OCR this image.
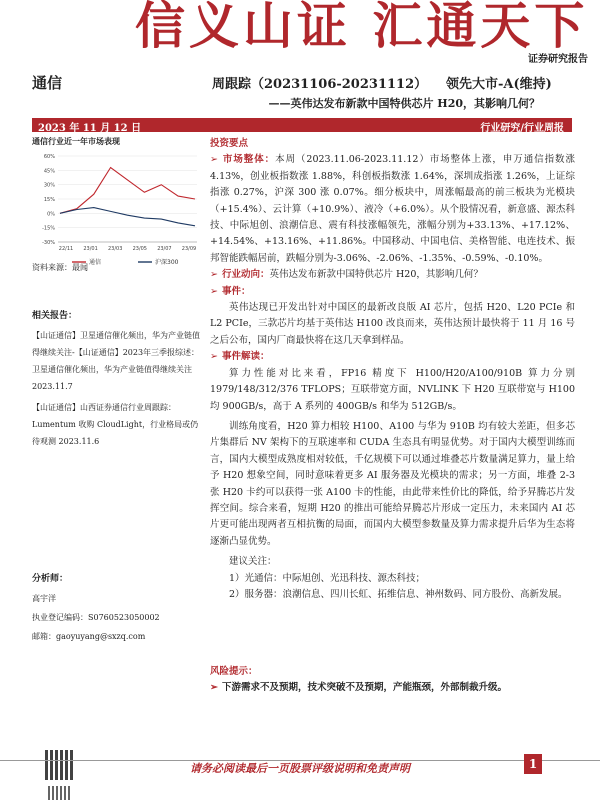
信义山证 汇通天下
证券研究报告
通信	周跟踪（20231106-20231112） 领先大市-A(维持)
——英伟达发布新款中国特供芯片 H20，其影响几何？
2023 年 11 月 12 日	行业研究/行业周报
通信行业近一年市场表现
60%
45%
30%
15%
0%
-15%
-30%
22/11 23/01 23/03 23/05 23/07 23/09
通信	沪深300
资料来源：最闻
相关报告：

【山证通信】卫星通信催化频出，华为产业链值得继续关注-【山证通信】2023年三季报综述：卫星通信催化频出，华为产业链值得继续关注 2023.11.7

【山证通信】山西证券通信行业周跟踪：Lumentum 收购 CloudLight，行业格局或仍待观测 2023.11.6

分析师：
高宇洋
执业登记编码：S0760523050002
邮箱：gaoyuyang@sxzq.com
投资要点

➢ 市场整体：本周（2023.11.06-2023.11.12）市场整体上涨，申万通信指数涨4.13%，创业板指数涨 1.88%，科创板指数涨 1.64%，深圳成指涨 1.26%，上证综指涨 0.27%，沪深 300 涨 0.07%。细分板块中，周涨幅最高的前三板块为光模块（+15.4%）、云计算（+10.9%）、液冷（+6.0%）。从个股情况看，新意盛、源杰科技、中际旭创、浪潮信息、震有科技涨幅领先，涨幅分别为+33.13%、+17.12%、+14.54%、+13.16%、+11.86%。中国移动、中国电信、美格智能、电连技术、振邦智能跌幅居前，跌幅分别为-3.06%、-2.06%、-1.35%、-0.59%、-0.10%。

➢ 行业动向：英伟达发布新款中国特供芯片 H20，其影响几何？

➢ 事件：

英伟达现已开发出针对中国区的最新改良版 AI 芯片，包括 H20、L20 PCIe 和 L2 PCIe，三款芯片均基于英伟达 H100 改良而来，英伟达预计最快将于 11 月 16 号之后公布，国内厂商最快将在这几天拿到样品。

➢ 事件解读：

算力性能对比来看，FP16 精度下 H100/H20/A100/910B 算力分别1979/148/312/376 TFLOPS；互联带宽方面，NVLINK 下 H20 互联带宽与 H100 均 900GB/s，高于 A 系列的 400GB/s 和华为 512GB/s。

训练角度看，H20 算力相较 H100、A100 与华为 910B 均有较大差距，但多芯片集群后 NV 架构下的互联速率和 CUDA 生态具有明显优势。对于国内大模型训练而言，国内大模型成熟度相对较低，千亿规模下可以通过堆叠芯片数量满足算力，量上给予 H20 想象空间，同时意味着更多 AI 服务器及光模块的需求；另一方面，堆叠 2-3 张 H20 卡约可以获得一张 A100 卡的性能，由此带来性价比的降低，给予昇腾芯片发挥空间。综合来看，短期 H20 的推出可能给昇腾芯片形成一定压力，未来国内 AI 芯片更可能出现两者互相抗衡的局面，而国内大模型参数量及算力需求提升后华为生态将逐渐凸显优势。

建议关注：

1）光通信：中际旭创、光迅科技、源杰科技；

2）服务器：浪潮信息、四川长虹、拓维信息、神州数码、同方股份、高新发展。

风险提示：

➢ 下游需求不及预期，技术突破不及预期，产能瓶颈，外部制裁升级。

请务必阅读最后一页股票评级说明和免责声明	1
